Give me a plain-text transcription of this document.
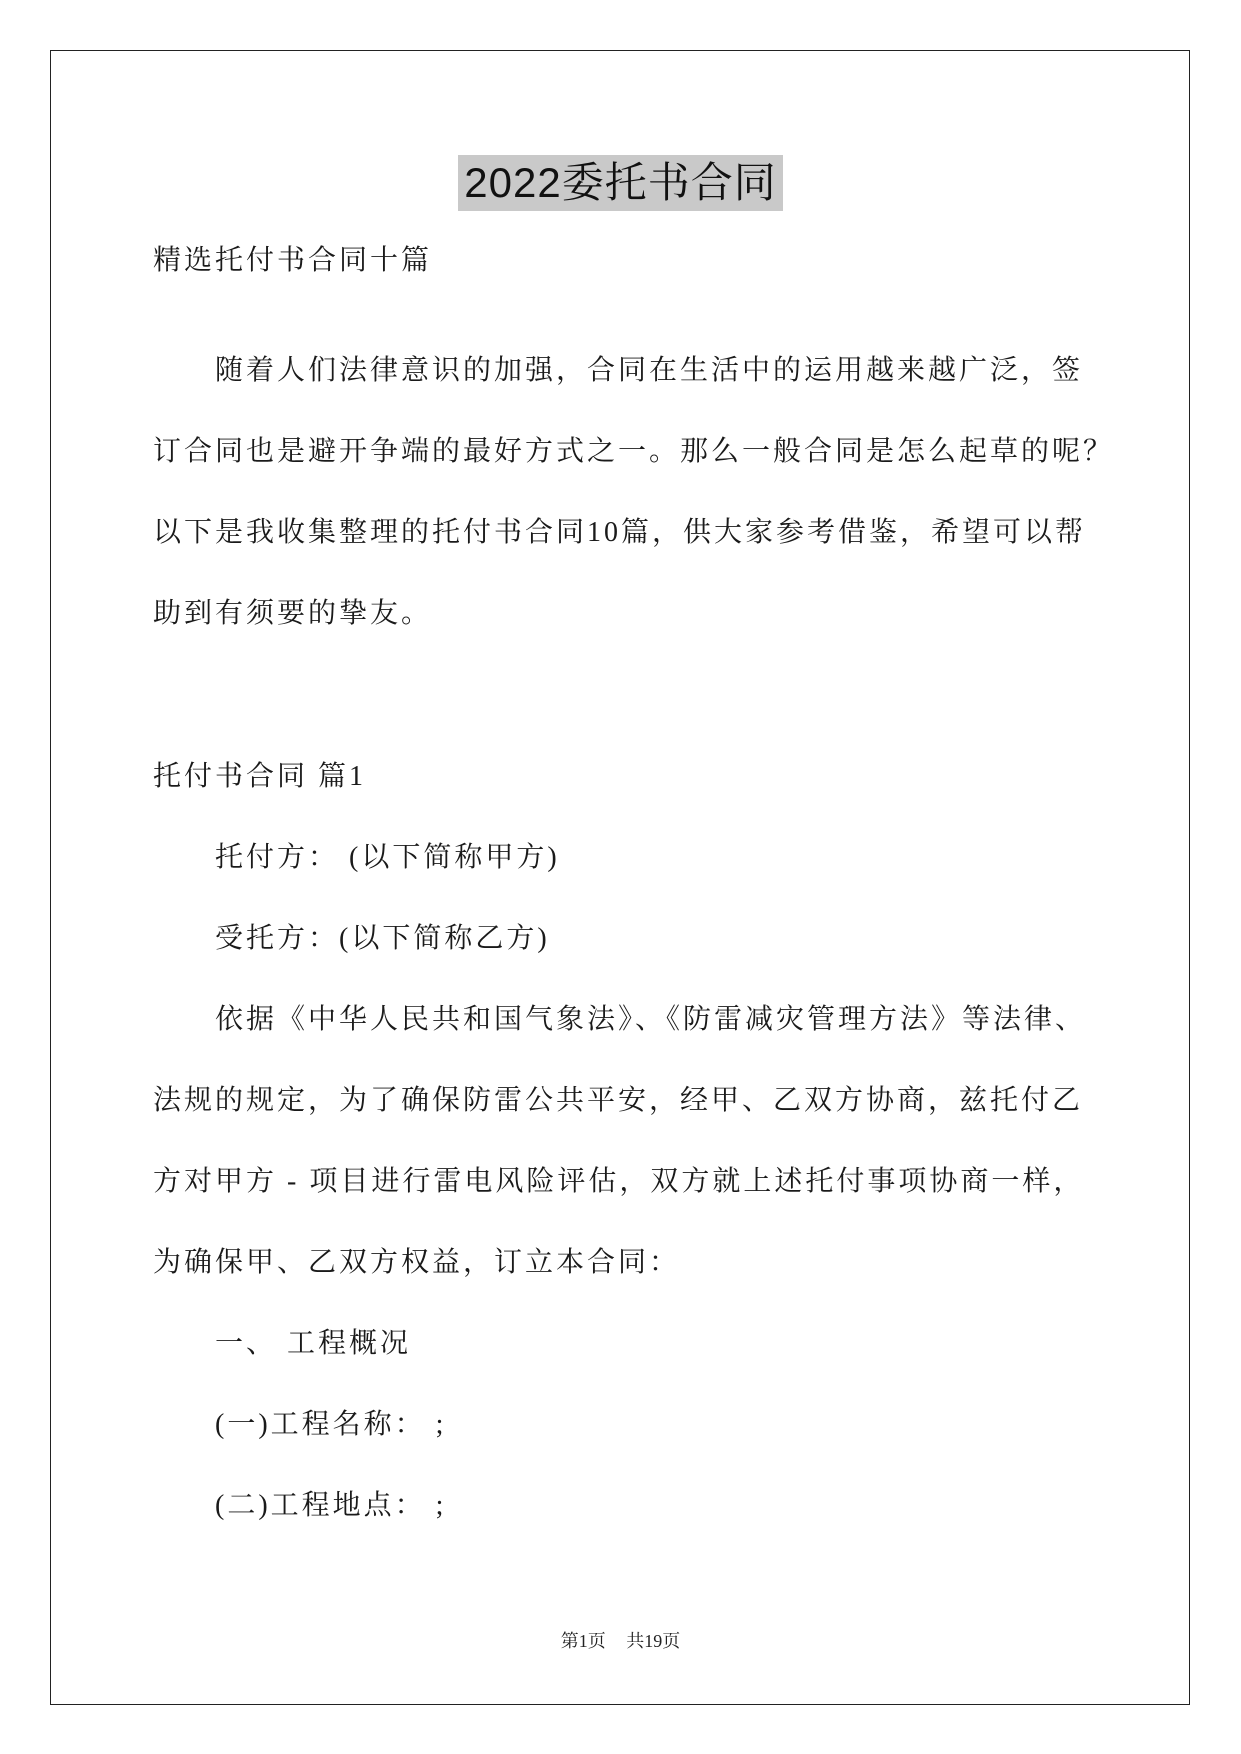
2022委托书合同
精选托付书合同十篇
随着人们法律意识的加强，合同在生活中的运用越来越广泛，签
订合同也是避开争端的最好方式之一。那么一般合同是怎么起草的呢？
以下是我收集整理的托付书合同10篇，供大家参考借鉴，希望可以帮
助到有须要的挚友。
托付书合同 篇1
托付方： (以下简称甲方)
受托方：(以下简称乙方)
依据《中华人民共和国气象法》、《防雷减灾管理方法》等法律、
法规的规定，为了确保防雷公共平安，经甲、乙双方协商，兹托付乙
方对甲方 - 项目进行雷电风险评估，双方就上述托付事项协商一样，
为确保甲、乙双方权益，订立本合同：
一、 工程概况
(一)工程名称： ;
(二)工程地点： ;
第1页 共19页
